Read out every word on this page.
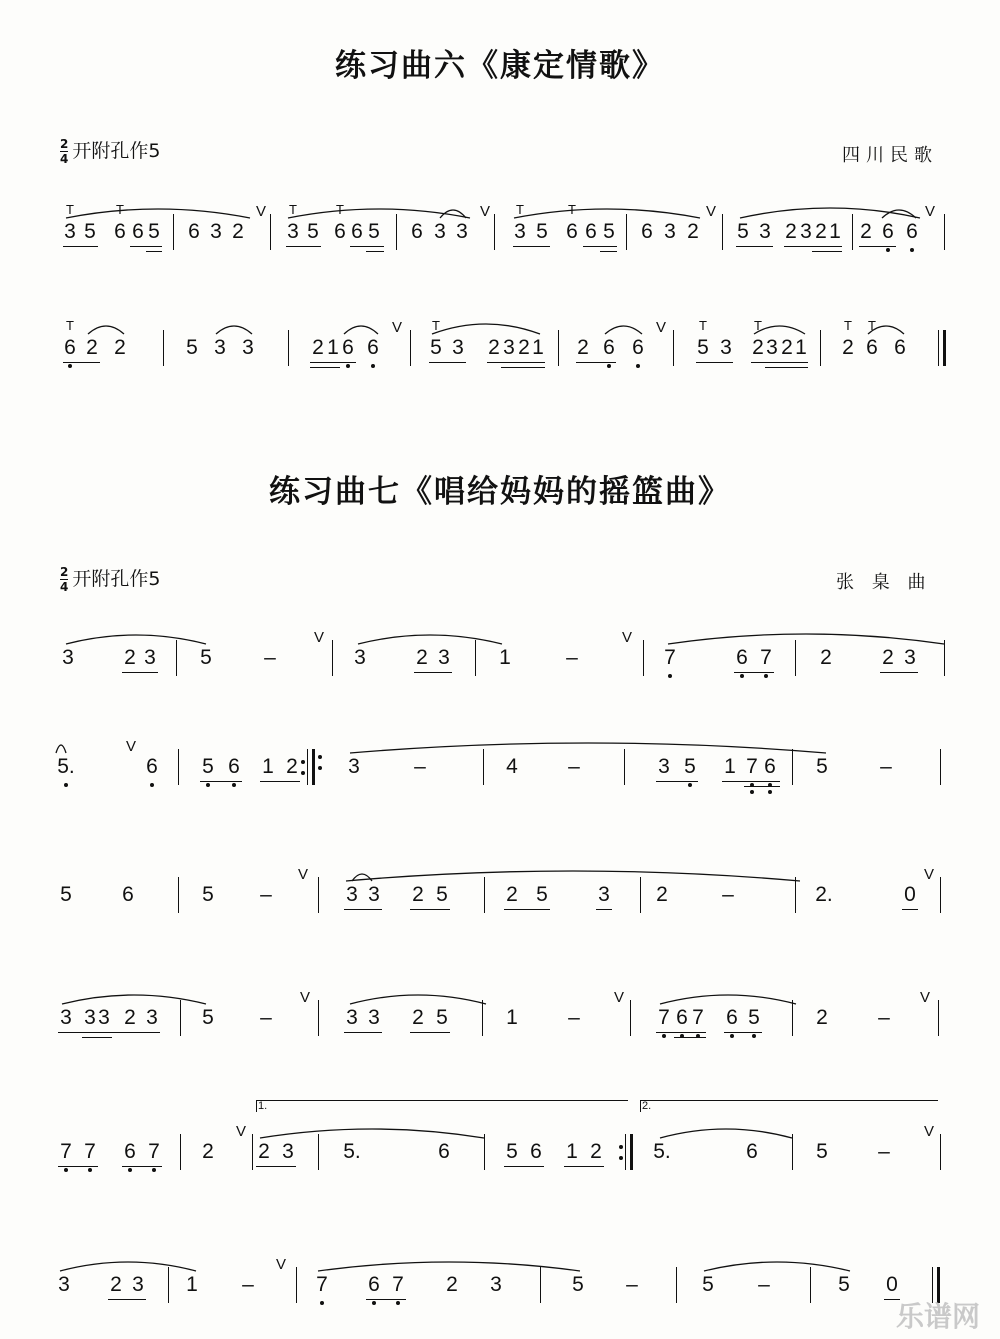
练习曲六《康定情歌》
$\frac{2}{4}$ 开附孔作5	四川民歌
练习曲七《唱给妈妈的摇篮曲》
$\frac{2}{4}$ 开附孔作5	张 臬 曲
3
T
5 6
T
6 5 6 3 2 3
T
5 6
T
6 5 6 3 3 3
T
5 6
T
6 5 6 3 2 5 3 2 3 2 1 2 6 6
V	V	V	V
6
T
2 2	5 3 3	2 1 6 6 5
T
3 2 3 2 1 2 6 6	5
T
3 2
T
3 2 1 2
T
6
T
6
V	V
3 2 3 5 –	3 2 3 1	–	7	6 7 2 2 3
V	V
5.	6 5 6 1 2 3	–	4 –	3 5 1 7 6 5 –
V
5 6	5 –	3 3 2 5	2 5 3 2	–	2.	0
V	V
3 3 3 2 3 5 –	3 3 2 5	1 –	7 6 7 6 5	2 –
V	V	V
7 7 6 7 2 2 3 5.	6	5 6 1 2 5.	6	5 –
1.	2.
V	V
3 2 3 1 –	7 6 7 2 3	5 –	5 –	5 0
V
乐谱网
